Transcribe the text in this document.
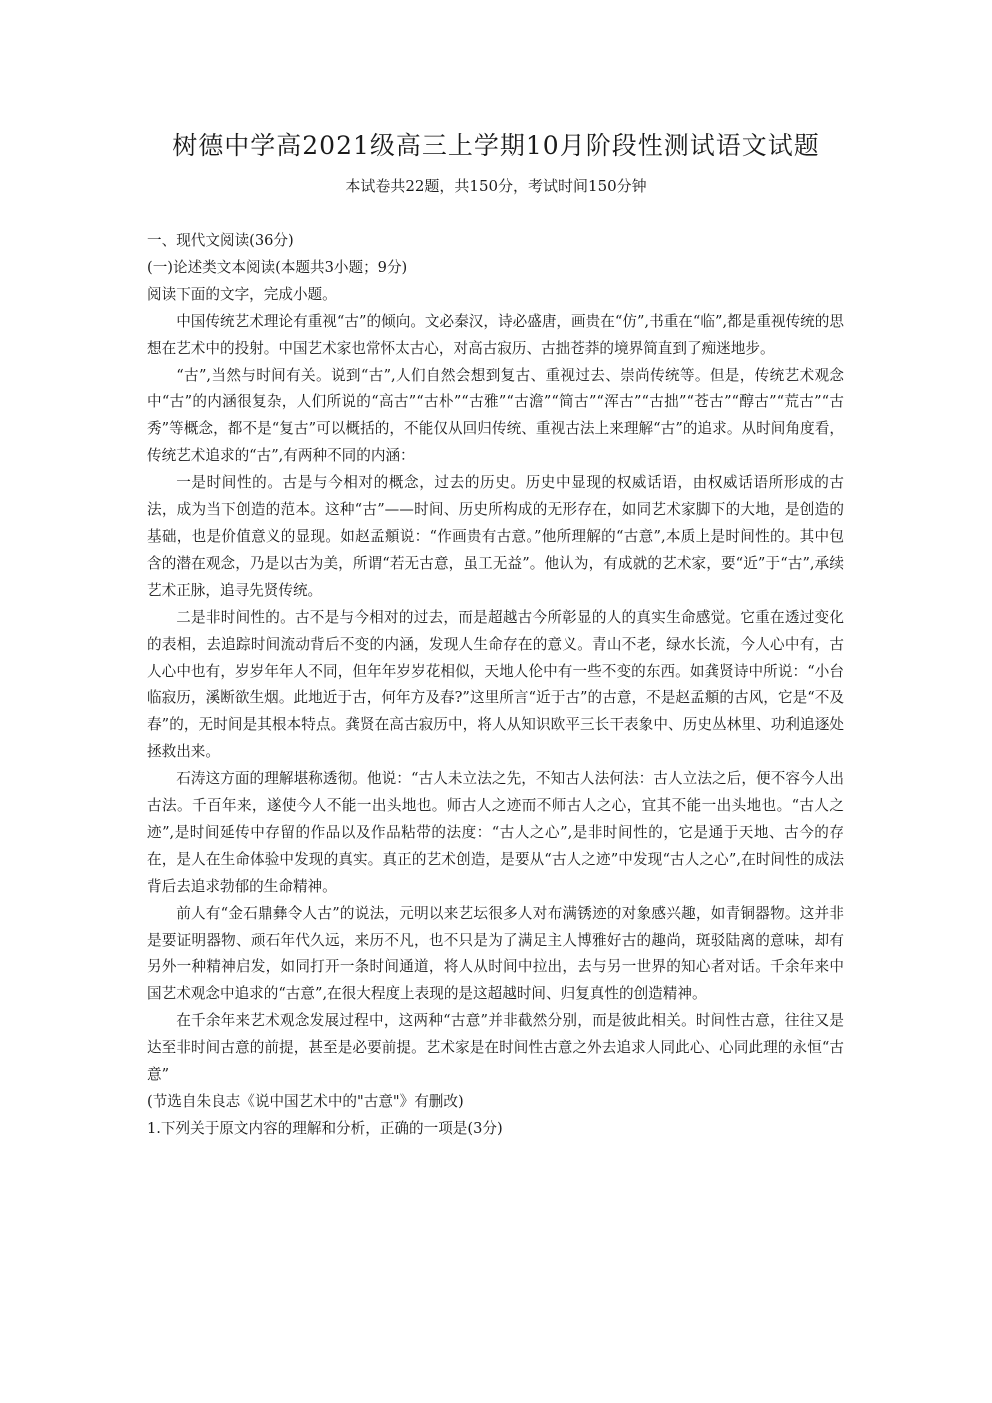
树德中学高2021级高三上学期10月阶段性测试语文试题
本试卷共22题，共150分，考试时间150分钟

一、现代文阅读(36分)

(一)论述类文本阅读(本题共3小题；9分)

阅读下面的文字，完成小题。

中国传统艺术理论有重视“古”的倾向。文必秦汉，诗必盛唐，画贵在“仿”,书重在“临”,都是重视传统的思想在艺术中的投射。中国艺术家也常怀太古心，对高古寂历、古拙苍莽的境界简直到了痴迷地步。

“古”,当然与时间有关。说到“古”,人们自然会想到复古、重视过去、崇尚传统等。但是，传统艺术观念中“古”的内涵很复杂，人们所说的“高古”“古朴”“古雅”“古澹”“简古”“浑古”“古拙”“苍古”“醇古”“荒古”“古秀”等概念，都不是“复古”可以概括的，不能仅从回归传统、重视古法上来理解“古”的追求。从时间角度看，传统艺术追求的“古”,有两种不同的内涵：

一是时间性的。古是与今相对的概念，过去的历史。历史中显现的权威话语，由权威话语所形成的古法，成为当下创造的范本。这种“古”——时间、历史所构成的无形存在，如同艺术家脚下的大地，是创造的基础，也是价值意义的显现。如赵孟頫说：“作画贵有古意。”他所理解的“古意”,本质上是时间性的。其中包含的潜在观念，乃是以古为美，所谓“若无古意，虽工无益”。他认为，有成就的艺术家，要“近”于“古”,承续艺术正脉，追寻先贤传统。

二是非时间性的。古不是与今相对的过去，而是超越古今所彰显的人的真实生命感觉。它重在透过变化的表相，去追踪时间流动背后不变的内涵，发现人生命存在的意义。青山不老，绿水长流，今人心中有，古人心中也有，岁岁年年人不同，但年年岁岁花相似，天地人伦中有一些不变的东西。如龚贤诗中所说：“小台临寂历，溪断欲生烟。此地近于古，何年方及春?”这里所言“近于古”的古意，不是赵孟頫的古风，它是“不及春”的，无时间是其根本特点。龚贤在高古寂历中，将人从知识欧平三长干表象中、历史丛林里、功利追逐处拯救出来。

石涛这方面的理解堪称透彻。他说：“古人未立法之先，不知古人法何法：古人立法之后，便不容今人出古法。千百年来，遂使今人不能一出头地也。师古人之迹而不师古人之心，宜其不能一出头地也。“古人之迹”,是时间延传中存留的作品以及作品粘带的法度：“古人之心”,是非时间性的，它是通于天地、古今的存在，是人在生命体验中发现的真实。真正的艺术创造，是要从“古人之迹”中发现“古人之心”,在时间性的成法背后去追求勃郁的生命精神。

前人有“金石鼎彝令人古”的说法，元明以来艺坛很多人对布满锈迹的对象感兴趣，如青铜器物。这并非是要证明器物、顽石年代久远，来历不凡，也不只是为了满足主人博雅好古的趣尚，斑驳陆离的意味，却有另外一种精神启发，如同打开一条时间通道，将人从时间中拉出，去与另一世界的知心者对话。千余年来中国艺术观念中追求的“古意”,在很大程度上表现的是这超越时间、归复真性的创造精神。

在千余年来艺术观念发展过程中，这两种“古意”并非截然分别，而是彼此相关。时间性古意，往往又是达至非时间古意的前提，甚至是必要前提。艺术家是在时间性古意之外去追求人同此心、心同此理的永恒“古意”

(节选自朱良志《说中国艺术中的"古意"》有删改)

1.下列关于原文内容的理解和分析，正确的一项是(3分)
